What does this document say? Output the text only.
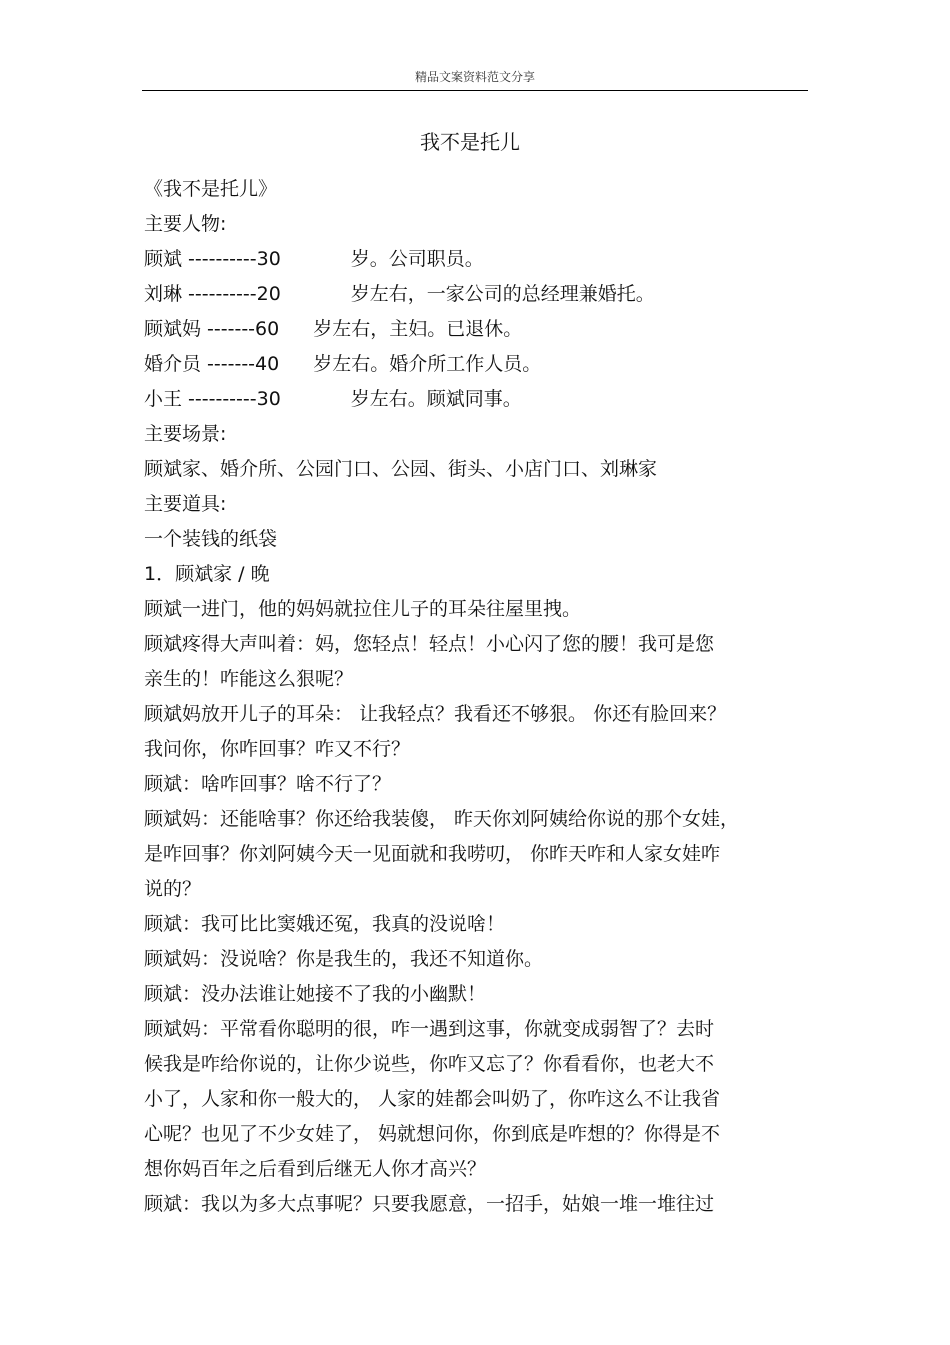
精品文案资料范文分享
我不是托儿
《我不是托儿》
主要人物:
顾斌 ----------30	岁。公司职员。
刘琳 ----------20	岁左右，一家公司的总经理兼婚托。
顾斌妈 -------60 岁左右，主妇。已退休。
婚介员 -------40 岁左右。婚介所工作人员。
小王 ----------30	岁左右。顾斌同事。
主要场景:
顾斌家、婚介所、公园门口、公园、街头、小店门口、刘琳家
主要道具:
一个装钱的纸袋
1．顾斌家 / 晚
顾斌一进门，他的妈妈就拉住儿子的耳朵往屋里拽。
顾斌疼得大声叫着：妈，您轻点！轻点！小心闪了您的腰！我可是您
亲生的！咋能这么狠呢？
顾斌妈放开儿子的耳朵： 让我轻点？我看还不够狠。 你还有脸回来？
我问你，你咋回事？咋又不行？
顾斌：啥咋回事？啥不行了？
顾斌妈：还能啥事？你还给我装傻， 昨天你刘阿姨给你说的那个女娃，
是咋回事？你刘阿姨今天一见面就和我唠叨， 你昨天咋和人家女娃咋
说的？
顾斌：我可比比窦娥还冤，我真的没说啥！
顾斌妈：没说啥？你是我生的，我还不知道你。
顾斌：没办法谁让她接不了我的小幽默！
顾斌妈：平常看你聪明的很，咋一遇到这事，你就变成弱智了？去时
候我是咋给你说的，让你少说些，你咋又忘了？你看看你，也老大不
小了，人家和你一般大的， 人家的娃都会叫奶了，你咋这么不让我省
心呢？也见了不少女娃了， 妈就想问你，你到底是咋想的？你得是不
想你妈百年之后看到后继无人你才高兴？
顾斌：我以为多大点事呢？只要我愿意，一招手，姑娘一堆一堆往过
